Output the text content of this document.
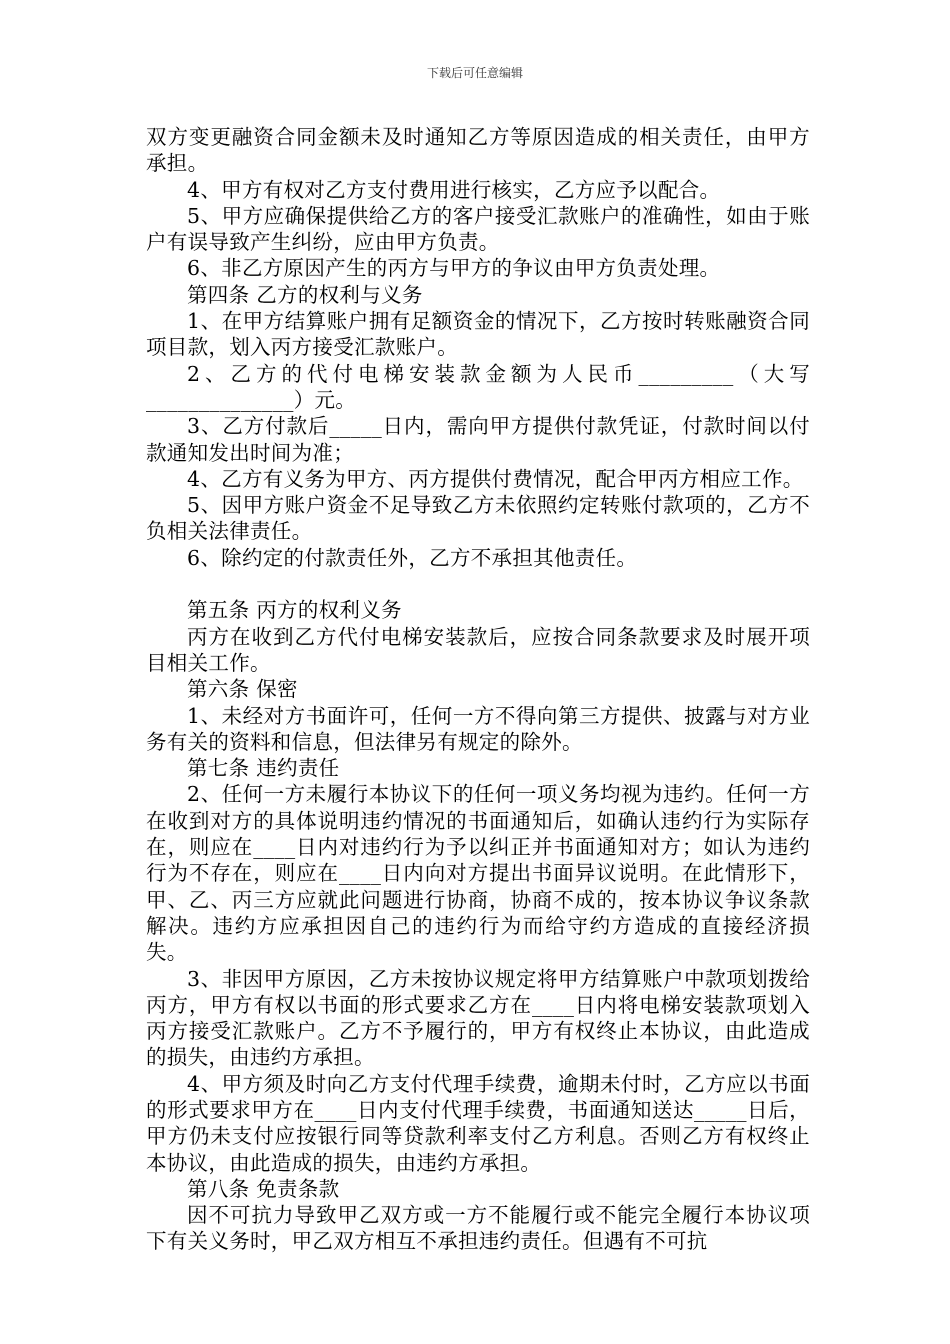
下载后可任意编辑

双方变更融资合同金额未及时通知乙方等原因造成的相关责任，由甲方承担。

4、甲方有权对乙方支付费用进行核实，乙方应予以配合。

5、甲方应确保提供给乙方的客户接受汇款账户的准确性，如由于账户有误导致产生纠纷，应由甲方负责。

6、非乙方原因产生的丙方与甲方的争议由甲方负责处理。

第四条 乙方的权利与义务

1、在甲方结算账户拥有足额资金的情况下，乙方按时转账融资合同项目款，划入丙方接受汇款账户。

2、乙方的代付电梯安装款金额为人民币_________（大写______________）元。

3、乙方付款后_____日内，需向甲方提供付款凭证，付款时间以付款通知发出时间为准；

4、乙方有义务为甲方、丙方提供付费情况，配合甲丙方相应工作。

5、因甲方账户资金不足导致乙方未依照约定转账付款项的，乙方不负相关法律责任。

6、除约定的付款责任外，乙方不承担其他责任。

第五条 丙方的权利义务

丙方在收到乙方代付电梯安装款后，应按合同条款要求及时展开项目相关工作。

第六条 保密

1、未经对方书面许可，任何一方不得向第三方提供、披露与对方业务有关的资料和信息，但法律另有规定的除外。

第七条 违约责任

2、任何一方未履行本协议下的任何一项义务均视为违约。任何一方在收到对方的具体说明违约情况的书面通知后，如确认违约行为实际存在，则应在____日内对违约行为予以纠正并书面通知对方；如认为违约行为不存在，则应在____日内向对方提出书面异议说明。在此情形下，甲、乙、丙三方应就此问题进行协商，协商不成的，按本协议争议条款解决。违约方应承担因自己的违约行为而给守约方造成的直接经济损失。

3、非因甲方原因，乙方未按协议规定将甲方结算账户中款项划拨给丙方，甲方有权以书面的形式要求乙方在____日内将电梯安装款项划入丙方接受汇款账户。乙方不予履行的，甲方有权终止本协议，由此造成的损失，由违约方承担。

4、甲方须及时向乙方支付代理手续费，逾期未付时，乙方应以书面的形式要求甲方在____日内支付代理手续费，书面通知送达_____日后，甲方仍未支付应按银行同等贷款利率支付乙方利息。否则乙方有权终止本协议，由此造成的损失，由违约方承担。

第八条 免责条款

因不可抗力导致甲乙双方或一方不能履行或不能完全履行本协议项下有关义务时，甲乙双方相互不承担违约责任。但遇有不可抗
